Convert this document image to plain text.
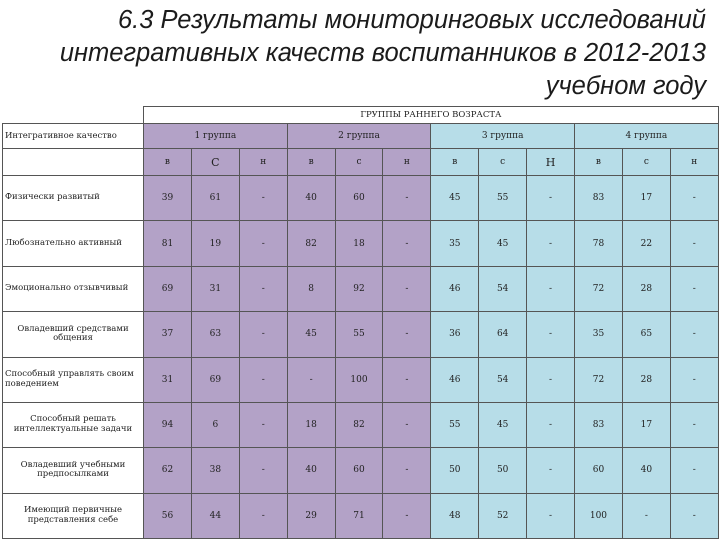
6.3 Результаты мониторинговых исследований
интегративных качеств воспитанников в 2012-2013
учебном году
	ГРУППЫ РАННЕГО ВОЗРАСТА											
Интегративное качество	1 группа			2 группа			3 группа			4 группа		
	в	С	н	в	с	н	в	с	Н	в	с	н
Физически развитый	39	61	-	40	60	-	45	55	-	83	17	-
Любознательно активный	81	19	-	82	18	-	35	45	-	78	22	-
Эмоционально отзывчивый	69	31	-	8	92	-	46	54	-	72	28	-
Овладевший средствами общения	37	63	-	45	55	-	36	64	-	35	65	-
Способный управлять своим поведением	31	69	-	-	100	-	46	54	-	72	28	-
Способный решать интеллектуальные задачи	94	6	-	18	82	-	55	45	-	83	17	-
Овладевший учебными предпосылками	62	38	-	40	60	-	50	50	-	60	40	-
Имеющий первичные представления себе	56	44	-	29	71	-	48	52	-	100	-	-
